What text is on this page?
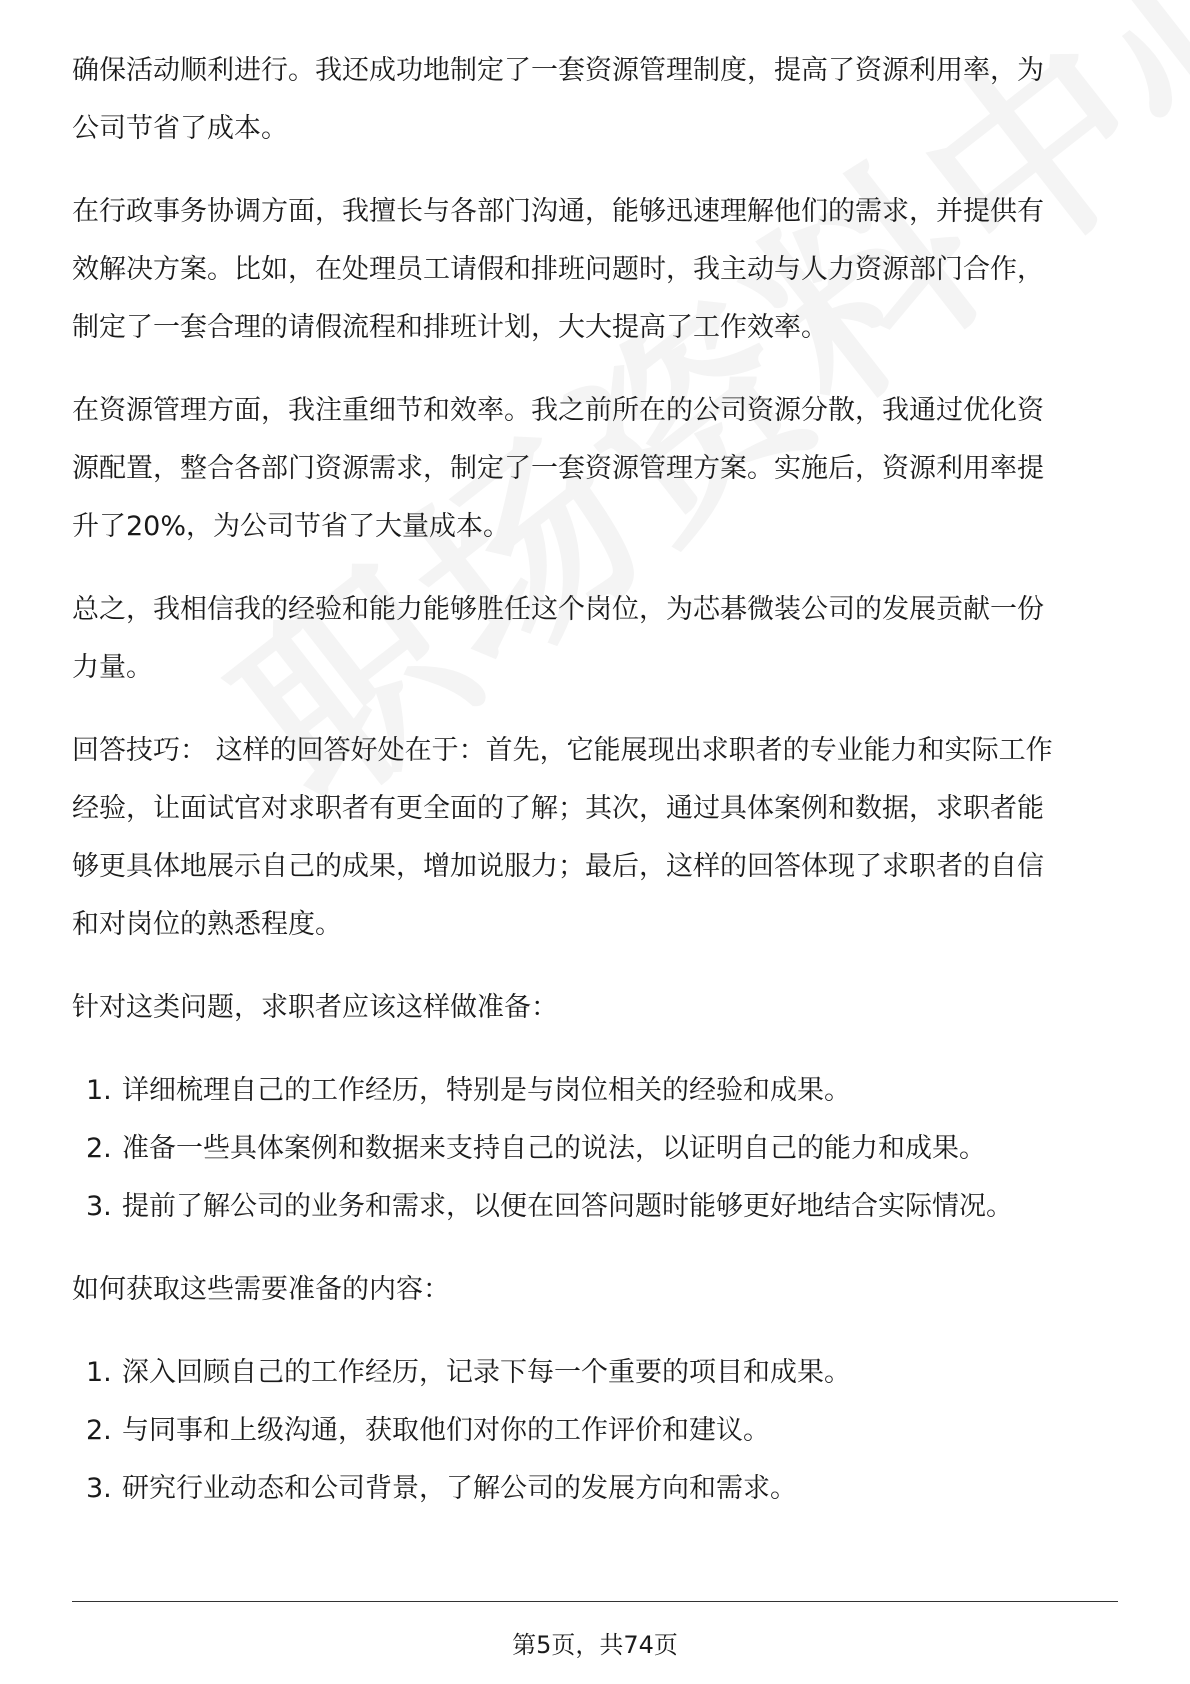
确保活动顺利进行。我还成功地制定了一套资源管理制度，提高了资源利用率，为
公司节省了成本。
在行政事务协调方面，我擅长与各部门沟通，能够迅速理解他们的需求，并提供有
效解决方案。比如，在处理员工请假和排班问题时，我主动与人力资源部门合作，
制定了一套合理的请假流程和排班计划，大大提高了工作效率。
在资源管理方面，我注重细节和效率。我之前所在的公司资源分散，我通过优化资
源配置，整合各部门资源需求，制定了一套资源管理方案。实施后，资源利用率提
升了20%，为公司节省了大量成本。
总之，我相信我的经验和能力能够胜任这个岗位，为芯碁微装公司的发展贡献一份
力量。
回答技巧： 这样的回答好处在于：首先，它能展现出求职者的专业能力和实际工作
经验，让面试官对求职者有更全面的了解；其次，通过具体案例和数据，求职者能
够更具体地展示自己的成果，增加说服力；最后，这样的回答体现了求职者的自信
和对岗位的熟悉程度。
针对这类问题，求职者应该这样做准备：
1. 详细梳理自己的工作经历，特别是与岗位相关的经验和成果。
2. 准备一些具体案例和数据来支持自己的说法，以证明自己的能力和成果。
3. 提前了解公司的业务和需求，以便在回答问题时能够更好地结合实际情况。
如何获取这些需要准备的内容：
1. 深入回顾自己的工作经历，记录下每一个重要的项目和成果。
2. 与同事和上级沟通，获取他们对你的工作评价和建议。
3. 研究行业动态和公司背景，了解公司的发展方向和需求。
第5页，共74页
